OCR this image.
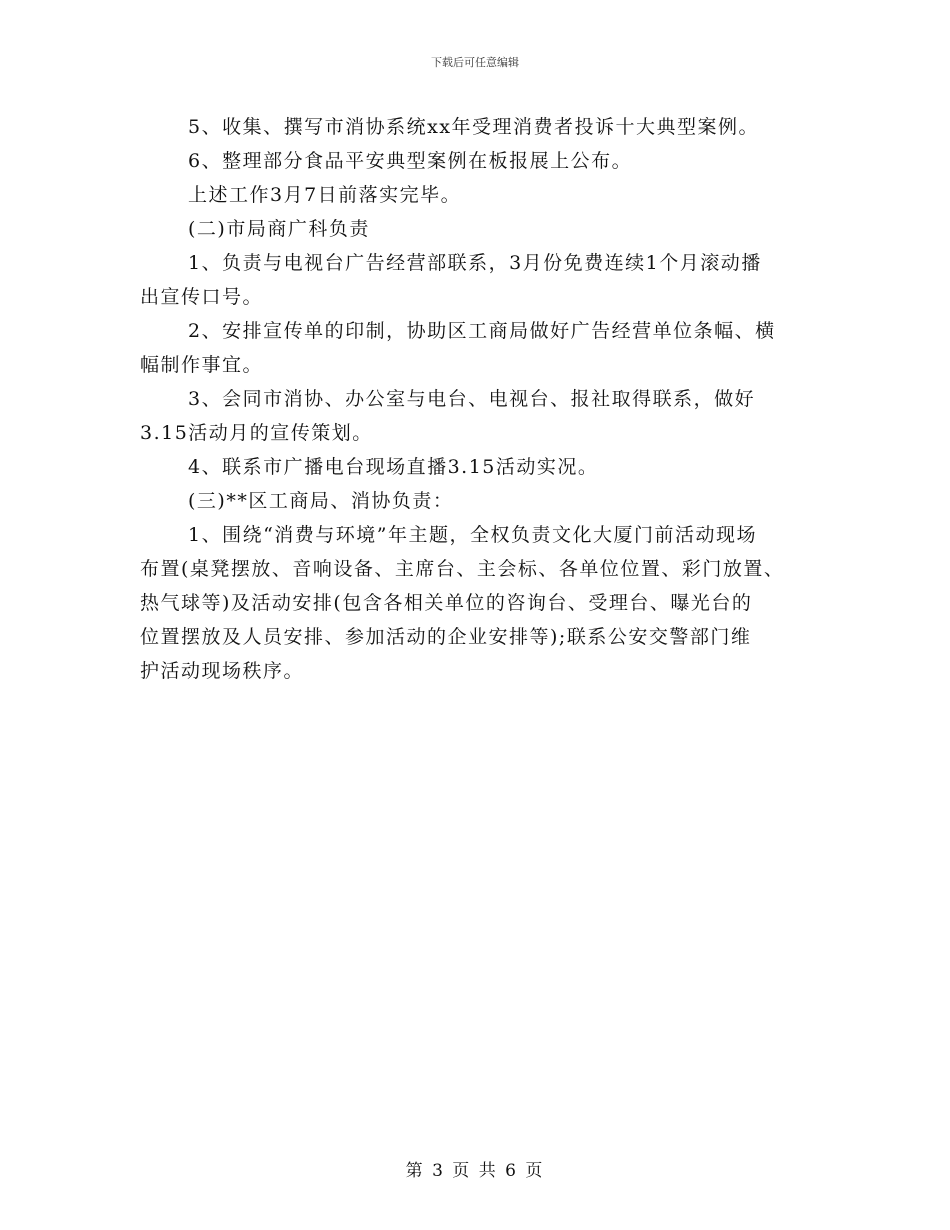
下载后可任意编辑
5、收集、撰写市消协系统xx年受理消费者投诉十大典型案例。
6、整理部分食品平安典型案例在板报展上公布。
上述工作3月7日前落实完毕。
(二)市局商广科负责
1、负责与电视台广告经营部联系，3月份免费连续1个月滚动播
出宣传口号。
2、安排宣传单的印制，协助区工商局做好广告经营单位条幅、横
幅制作事宜。
3、会同市消协、办公室与电台、电视台、报社取得联系，做好
3.15活动月的宣传策划。
4、联系市广播电台现场直播3.15活动实况。
(三)**区工商局、消协负责：
1、围绕“消费与环境”年主题，全权负责文化大厦门前活动现场
布置(桌凳摆放、音响设备、主席台、主会标、各单位位置、彩门放置、
热气球等)及活动安排(包含各相关单位的咨询台、受理台、曝光台的
位置摆放及人员安排、参加活动的企业安排等);联系公安交警部门维
护活动现场秩序。
第 3 页 共 6 页
